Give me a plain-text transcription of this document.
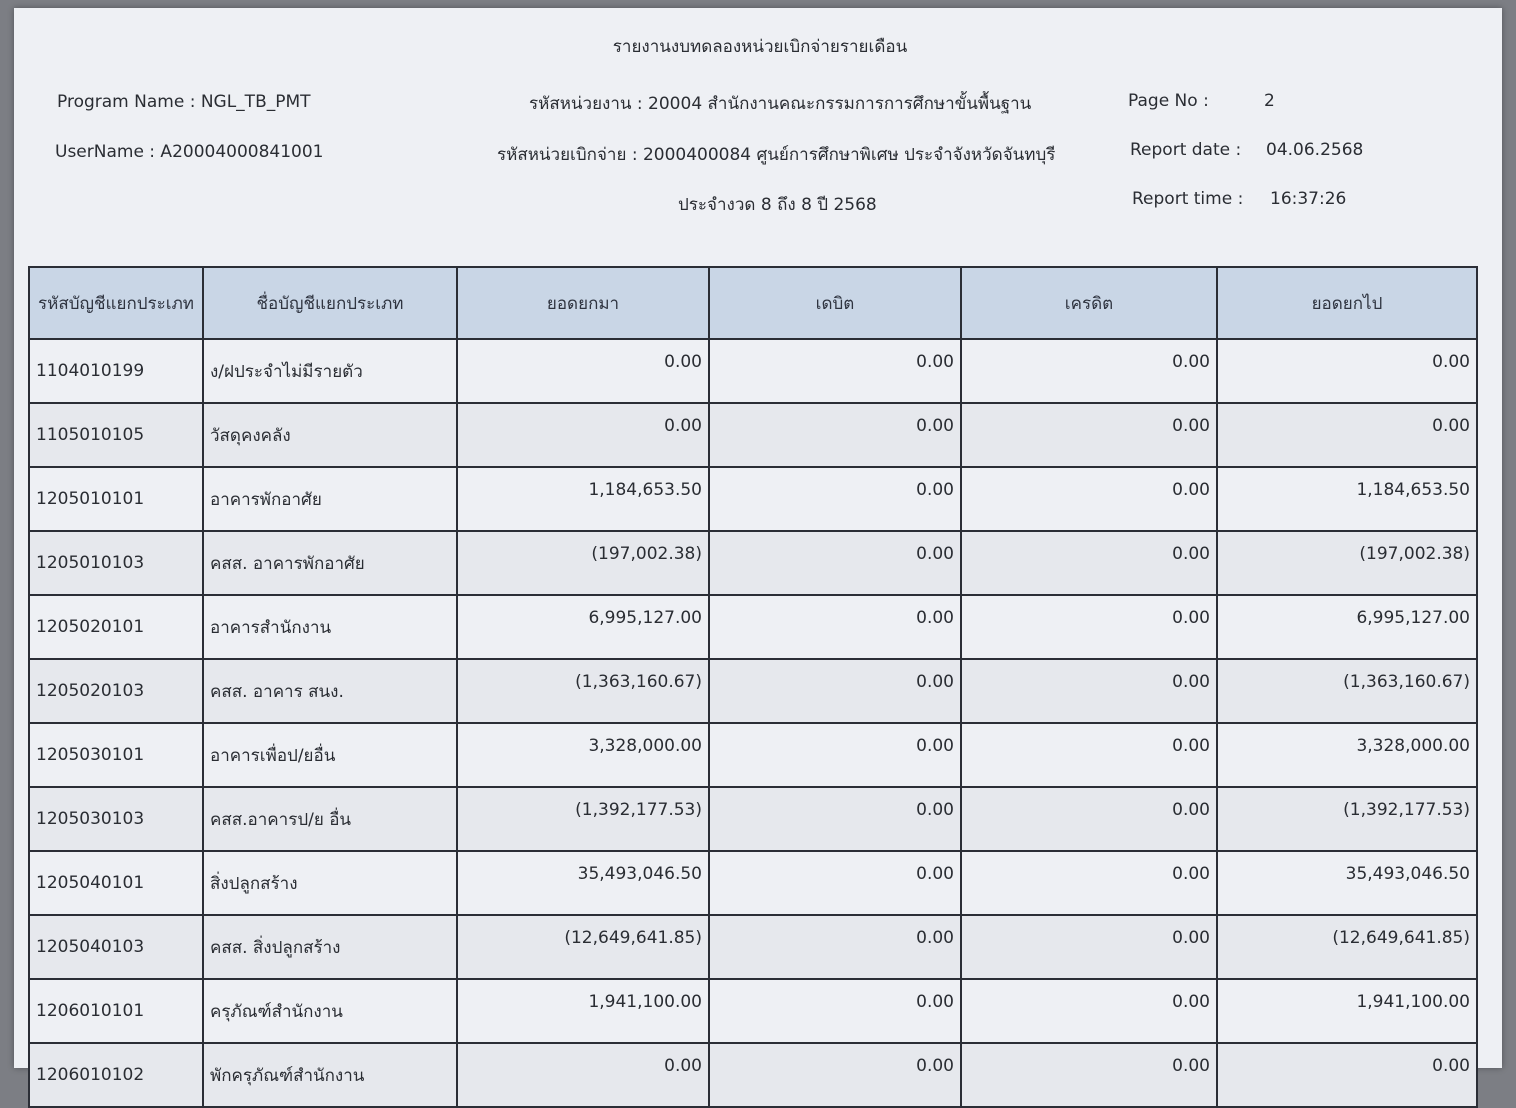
รายงานงบทดลองหน่วยเบิกจ่ายรายเดือน
Program Name : NGL_TB_PMT
UserName : A20004000841001
รหัสหน่วยงาน : 20004 สำนักงานคณะกรรมการการศึกษาขั้นพื้นฐาน
รหัสหน่วยเบิกจ่าย : 2000400084 ศูนย์การศึกษาพิเศษ ประจำจังหวัดจันทบุรี
ประจำงวด 8 ถึง 8 ปี 2568
Page No :	2
Report date : 04.06.2568
Report time : 16:37:26
รหัสบัญชีแยกประเภท	ชื่อบัญชีแยกประเภท	ยอดยกมา	เดบิต	เครดิต	ยอดยกไป
1104010199	ง/ฝประจำไม่มีรายตัว	0.00	0.00	0.00	0.00
1105010105	วัสดุคงคลัง	0.00	0.00	0.00	0.00
1205010101	อาคารพักอาศัย	1,184,653.50	0.00	0.00	1,184,653.50
1205010103	คสส. อาคารพักอาศัย	(197,002.38)	0.00	0.00	(197,002.38)
1205020101	อาคารสำนักงาน	6,995,127.00	0.00	0.00	6,995,127.00
1205020103	คสส. อาคาร สนง.	(1,363,160.67)	0.00	0.00	(1,363,160.67)
1205030101	อาคารเพื่อป/ยอื่น	3,328,000.00	0.00	0.00	3,328,000.00
1205030103	คสส.อาคารป/ย อื่น	(1,392,177.53)	0.00	0.00	(1,392,177.53)
1205040101	สิ่งปลูกสร้าง	35,493,046.50	0.00	0.00	35,493,046.50
1205040103	คสส. สิ่งปลูกสร้าง	(12,649,641.85)	0.00	0.00	(12,649,641.85)
1206010101	ครุภัณฑ์สำนักงาน	1,941,100.00	0.00	0.00	1,941,100.00
1206010102	พักครุภัณฑ์สำนักงาน	0.00	0.00	0.00	0.00
